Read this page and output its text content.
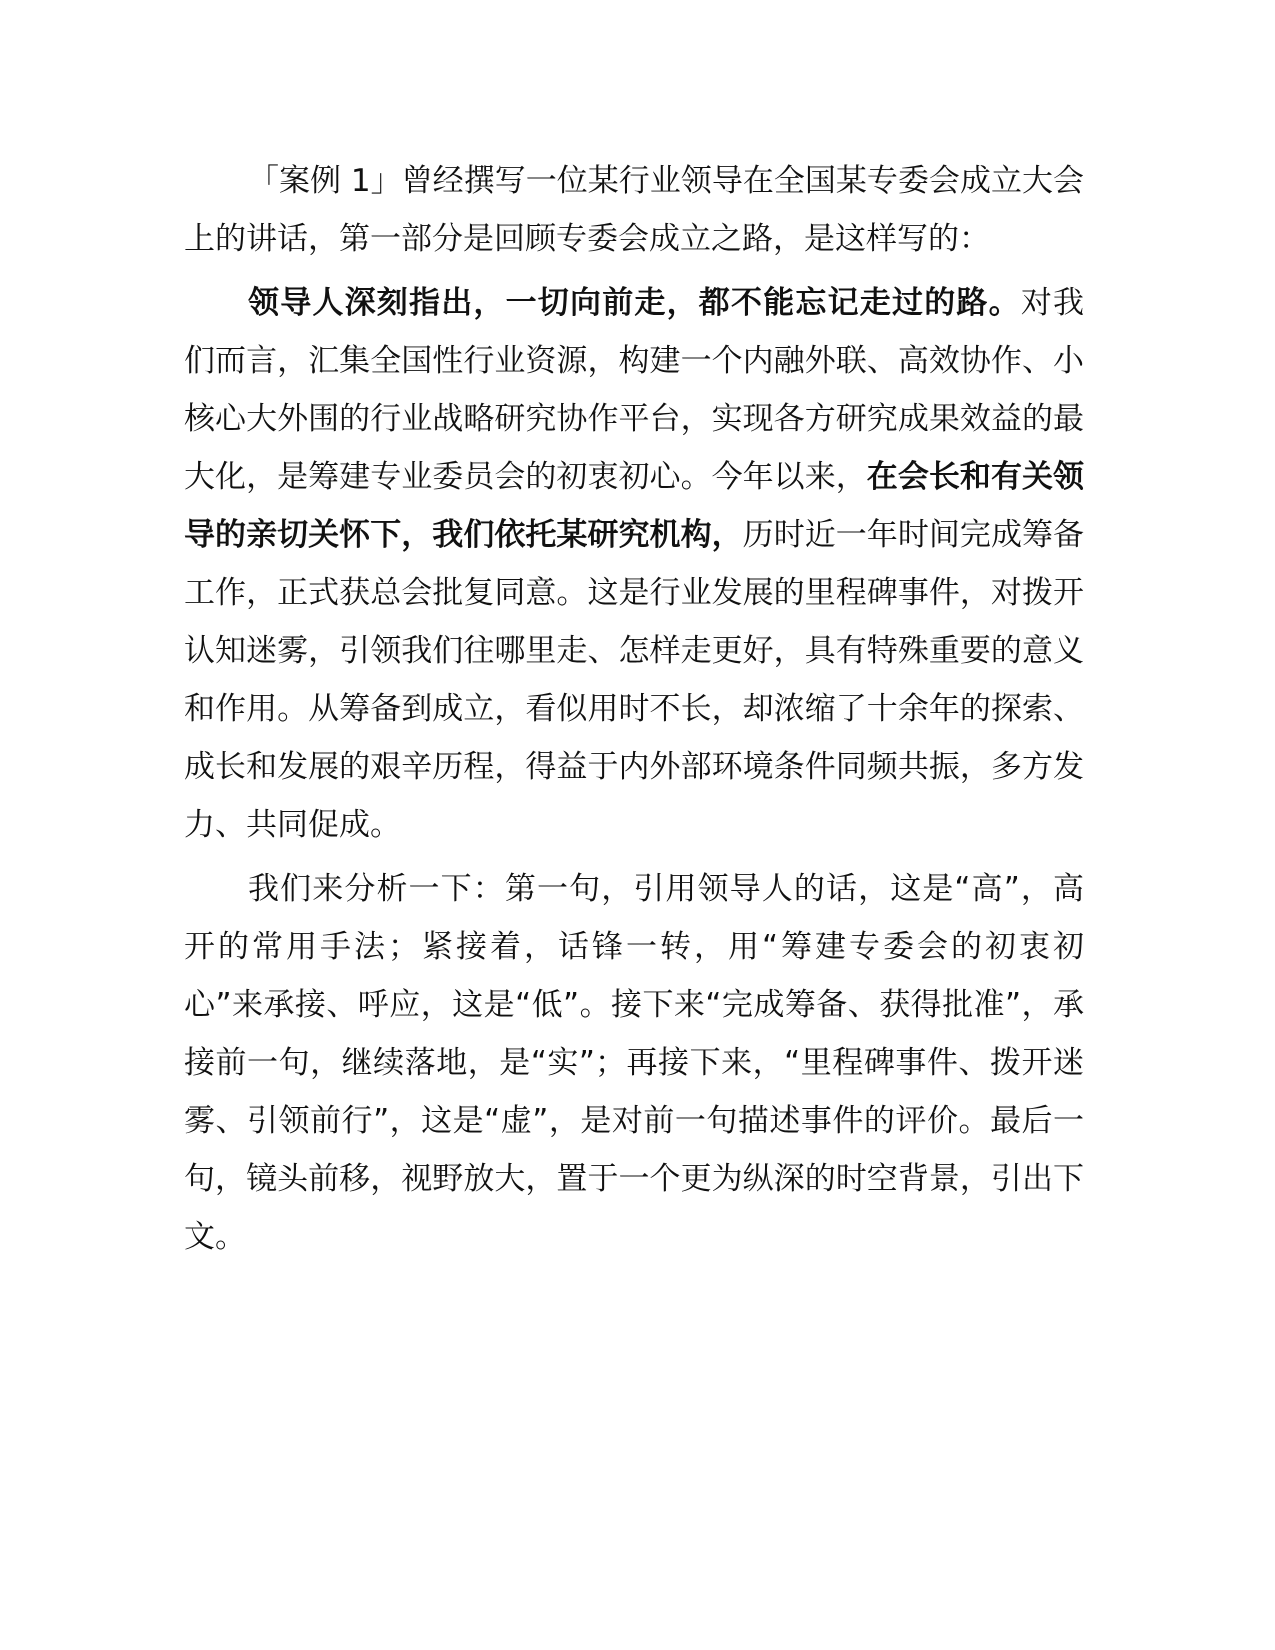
「案例 1」曾经撰写一位某行业领导在全国某专委会成立大会上的讲话，第一部分是回顾专委会成立之路，是这样写的：

领导人深刻指出，一切向前走，都不能忘记走过的路。对我们而言，汇集全国性行业资源，构建一个内融外联、高效协作、小核心大外围的行业战略研究协作平台，实现各方研究成果效益的最大化，是筹建专业委员会的初衷初心。今年以来，在会长和有关领导的亲切关怀下，我们依托某研究机构，历时近一年时间完成筹备工作，正式获总会批复同意。这是行业发展的里程碑事件，对拨开认知迷雾，引领我们往哪里走、怎样走更好，具有特殊重要的意义和作用。从筹备到成立，看似用时不长，却浓缩了十余年的探索、成长和发展的艰辛历程，得益于内外部环境条件同频共振，多方发力、共同促成。

我们来分析一下：第一句，引用领导人的话，这是“高”，高开的常用手法；紧接着，话锋一转，用“筹建专委会的初衷初心”来承接、呼应，这是“低”。接下来“完成筹备、获得批准”，承接前一句，继续落地，是“实”；再接下来，“里程碑事件、拨开迷雾、引领前行”，这是“虚”，是对前一句描述事件的评价。最后一句，镜头前移，视野放大，置于一个更为纵深的时空背景，引出下文。
